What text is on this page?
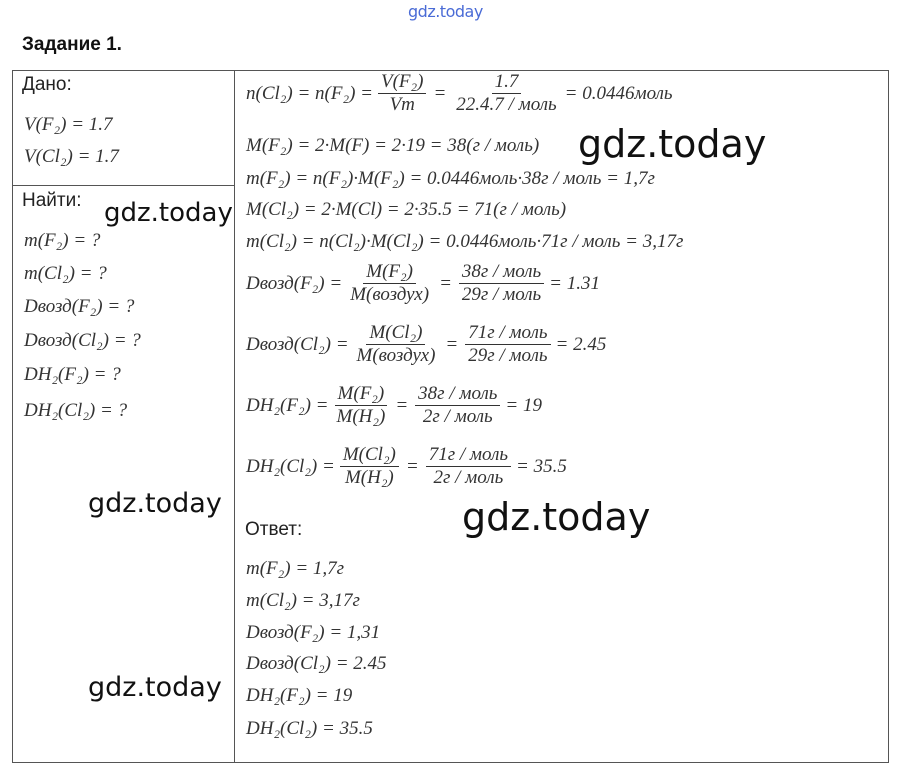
gdz.today
Задание 1.
Дано:
V(F₂) = 1.7
V(Cl₂) = 1.7
Найти:
m(F₂) = ?
m(Cl₂) = ?
Dвозд(F₂) = ?
Dвозд(Cl₂) = ?
DH₂(F₂) = ?
DH₂(Cl₂) = ?
$n(Cl_2) = n(F_2) = \frac{\text{V(F₂)}}{Vm} = \frac{1.7}{\text{22.4.7 / моль}}$ = 0.0446моль
M(F₂) = 2·M(F) = 2·19 = 38(г / моль)
m(F₂) = n(F₂)·M(F₂) = 0.0446моль·38г / моль = 1,7г
M(Cl₂) = 2·M(Cl) = 2·35.5 = 71(г / моль)
m(Cl₂) = n(Cl₂)·M(Cl₂) = 0.0446моль·71г / моль = 3,17г
Dвозд(F₂) = $\frac{\text{M(F₂)}}{\text{M(воздух)}} = \frac{\text{38г / моль}}{\text{29г / моль}} = 1.31$
Dвозд(Cl₂) = $\frac{\text{M(Cl₂)}}{\text{M(воздух)}} = \frac{\text{71г / моль}}{\text{29г / моль}} = 2.45$
$DH_2(F_2) = \frac{\text{M(F₂)}}{\text{M(H₂)}} = \frac{\text{38г / моль}}{\text{2г / моль}} = 19$
$DH_2(Cl_2) = \frac{\text{M(Cl₂)}}{\text{M(H₂)}} = \frac{\text{71г / моль}}{\text{2г / моль}} = 35.5$
Ответ:
m(F₂) = 1,7г
m(Cl₂) = 3,17г
Dвозд(F₂) = 1,31
Dвозд(Cl₂) = 2.45
DH₂(F₂) = 19
DH₂(Cl₂) = 35.5
gdz.today
gdz.today
gdz.today	gdz.today
gdz.today
